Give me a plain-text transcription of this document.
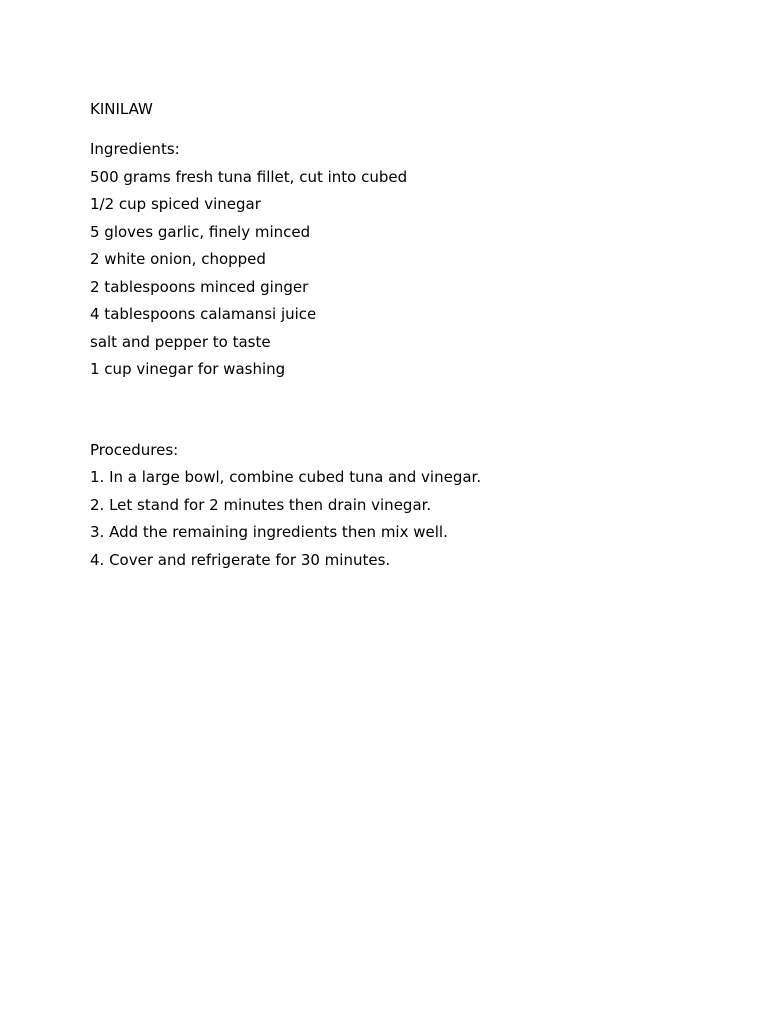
KINILAW
Ingredients:
500 grams fresh tuna fillet, cut into cubed
1/2 cup spiced vinegar
5 gloves garlic, finely minced
2 white onion, chopped
2 tablespoons minced ginger
4 tablespoons calamansi juice
salt and pepper to taste
1 cup vinegar for washing
Procedures:
1. In a large bowl, combine cubed tuna and vinegar.
2. Let stand for 2 minutes then drain vinegar.
3. Add the remaining ingredients then mix well.
4. Cover and refrigerate for 30 minutes.
